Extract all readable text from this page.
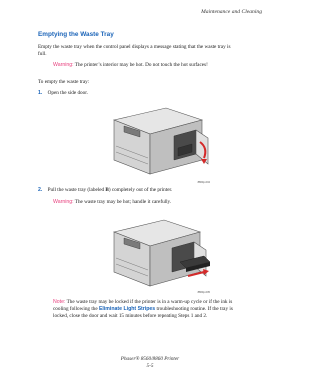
Maintenance and Cleaning
Emptying the Waste Tray
Empty the waste tray when the control panel displays a message stating that the waste tray is
full.
Warning: The printer’s interior may be hot. Do not touch the hot surfaces!
To empty the waste tray:
1. Open the side door.
8860p-004
2. Pull the waste tray (labeled B) completely out of the printer.
Warning: The waste tray may be hot; handle it carefully.
8860p-005
Note: The waste tray may be locked if the printer is in a warm-up cycle or if the ink is
cooling following the Eliminate Light Stripes troubleshooting routine. If the tray is
locked, close the door and wait 15 minutes before repeating Steps 1 and 2.
Phaser® 8560/8860 Printer
5-5
